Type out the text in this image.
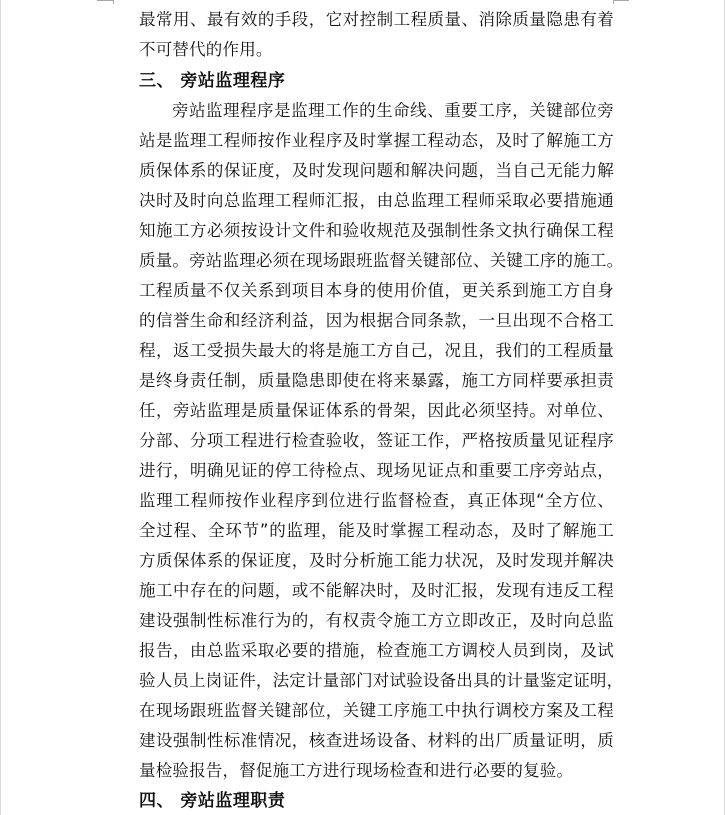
最常用、最有效的手段，它对控制工程质量、消除质量隐患有着
不可替代的作用。
三、 旁站监理程序
旁站监理程序是监理工作的生命线、重要工序，关键部位旁
站是监理工程师按作业程序及时掌握工程动态，及时了解施工方
质保体系的保证度，及时发现问题和解决问题，当自己无能力解
决时及时向总监理工程师汇报，由总监理工程师采取必要措施通
知施工方必须按设计文件和验收规范及强制性条文执行确保工程
质量。旁站监理必须在现场跟班监督关键部位、关键工序的施工。
工程质量不仅关系到项目本身的使用价值，更关系到施工方自身
的信誉生命和经济利益，因为根据合同条款，一旦出现不合格工
程，返工受损失最大的将是施工方自己，况且，我们的工程质量
是终身责任制，质量隐患即使在将来暴露，施工方同样要承担责
任，旁站监理是质量保证体系的骨架，因此必须坚持。对单位、
分部、分项工程进行检查验收，签证工作，严格按质量见证程序
进行，明确见证的停工待检点、现场见证点和重要工序旁站点，
监理工程师按作业程序到位进行监督检查，真正体现“全方位、
全过程、全环节”的监理，能及时掌握工程动态，及时了解施工
方质保体系的保证度，及时分析施工能力状况，及时发现并解决
施工中存在的问题，或不能解决时，及时汇报，发现有违反工程
建设强制性标准行为的，有权责令施工方立即改正，及时向总监
报告，由总监采取必要的措施，检查施工方调校人员到岗，及试
验人员上岗证件，法定计量部门对试验设备出具的计量鉴定证明，
在现场跟班监督关键部位，关键工序施工中执行调校方案及工程
建设强制性标准情况，核查进场设备、材料的出厂质量证明，质
量检验报告，督促施工方进行现场检查和进行必要的复验。
四、 旁站监理职责
